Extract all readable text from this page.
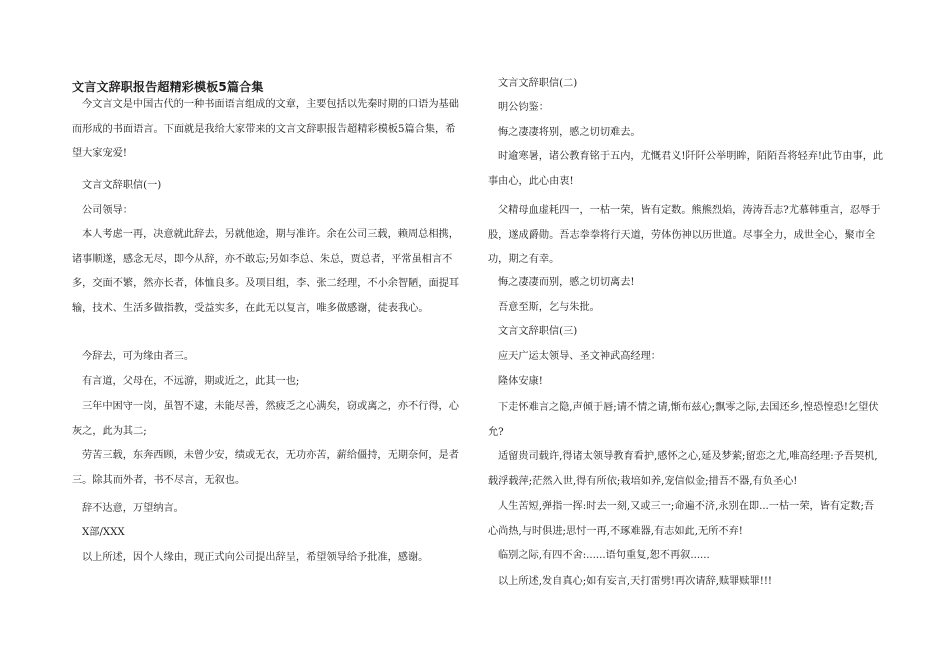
文言文辞职报告超精彩模板5篇合集

今文言文是中国古代的一种书面语言组成的文章，主要包括以先秦时期的口语为基础而形成的书面语言。下面就是我给大家带来的文言文辞职报告超精彩模板5篇合集，希望大家宠爱!

文言文辞职信(一)

公司领导：

本人考虑一再，决意就此辞去，另就他途，期与准许。余在公司三载，赖周总相携，诸事顺遂，感念无尽，即今从辞，亦不敢忘;另如李总、朱总，贾总者，平常虽相言不多，交面不繁，然亦长者，体恤良多。及项目组，李、张二经理，不小余智陋，面提耳输，技术、生活多做指教，受益实多，在此无以复言，唯多做感谢，徒表我心。

今辞去，可为缘由者三。

有言道，父母在，不远游，期或近之，此其一也;

三年中困守一岗，虽智不逮，未能尽善，然疲乏之心满矣，窃或离之，亦不行得，心灰之，此为其二;

劳苦三载，东奔西顾，未曾少安，绩或无衣，无功亦苦，薪给僵持，无期奈何，是者三。除其而外者，书不尽言，无叙也。

辞不达意，万望纳言。

X部/XXX

以上所述，因个人缘由，现正式向公司提出辞呈，希望领导给予批准，感谢。

文言文辞职信(二)

明公钧鉴：

悔之凄凄将别，慼之切切难去。

时逾寒暑，诸公教育铭于五内，尤慨君义!阡阡公举明眸，陌陌吾将轻弃!此节由事，此事由心，此心由衷!

父精母血虚耗四一，一枯一荣，皆有定数。熊熊烈焰，涛涛吾志?尤慕韩重言，忍辱于股，遂成爵勋。吾志拳拳将行天道，劳体伤神以历世道。尽事全力，成世全心，聚市全功，期之有幸。

悔之凄凄而别，慼之切切离去!

吾意至斯，乞与朱批。

文言文辞职信(三)

应天广运太领导、圣文神武高经理：

隆体安康!

下走怀难言之隐,声倾于唇;请不情之请,惭布兹心;飘零之际,去国还乡,惶恐惶恐!乞望伏允?

适留贵司载许,得诸太领导教育看护,感怀之心,延及梦萦;留恋之尤,唯高经理:予吾契机,载浮载萍;茫然入世,得有所依;栽培如养,宠信似金;措吾不器,有负圣心!

人生苦短,弹指一挥:时去一刻,又或三一;命遍不济,永别在即...一枯一荣，皆有定数;吾心尚热,与时俱进;思忖一再,不琢难器,有志如此,无所不弃!

临别之际,有四不舍:......语句重复,恕不再叙......

以上所述,发自真心;如有妄言,天打雷劈!再次请辞,赎罪赎罪!!!
